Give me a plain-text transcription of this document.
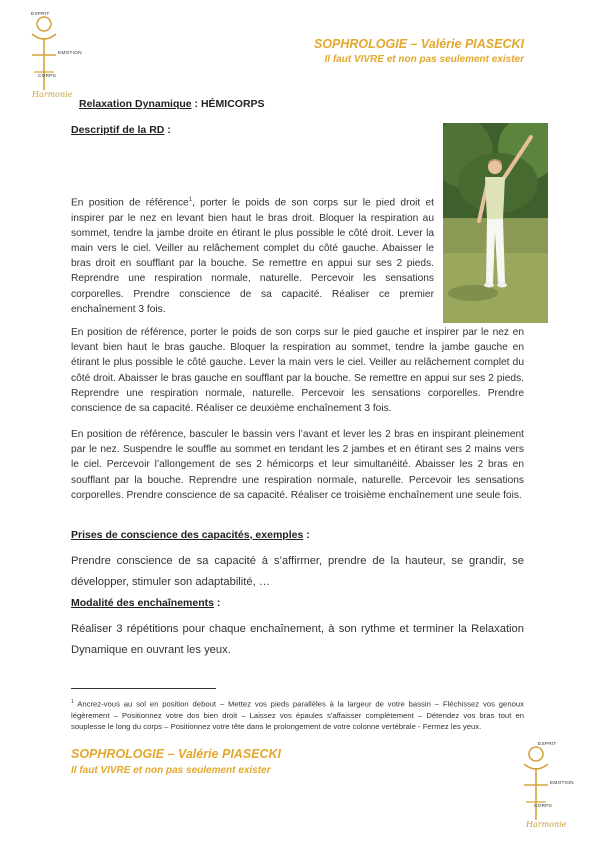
ESPRIT
EMOTION
CORPS
Harmonie
SOPHROLOGIE – Valérie PIASECKI
Il faut VIVRE et non pas seulement exister
Relaxation Dynamique : HÉMICORPS
Descriptif de la RD :
En position de référence$^1$, porter le poids de son corps sur le pied droit et inspirer par le nez en levant bien haut le bras droit. Bloquer la respiration au sommet, tendre la jambe droite en étirant le plus possible le côté droit. Lever la main vers le ciel. Veiller au relâchement complet du côté gauche. Abaisser le bras droit en soufflant par la bouche. Se remettre en appui sur ses 2 pieds. Reprendre une respiration normale, naturelle. Percevoir les sensations corporelles. Prendre conscience de sa capacité. Réaliser ce premier enchaînement 3 fois.
En position de référence, porter le poids de son corps sur le pied gauche et inspirer par le nez en levant bien haut le bras gauche. Bloquer la respiration au sommet, tendre la jambe gauche en étirant le plus possible le côté gauche. Lever la main vers le ciel. Veiller au relâchement complet du côté droit. Abaisser le bras gauche en soufflant par la bouche. Se remettre en appui sur ses 2 pieds. Reprendre une respiration normale, naturelle. Percevoir les sensations corporelles. Prendre conscience de sa capacité. Réaliser ce deuxième enchaînement 3 fois.
En position de référence, basculer le bassin vers l’avant et lever les 2 bras en inspirant pleinement par le nez. Suspendre le souffle au sommet en tendant les 2 jambes et en étirant ses 2 mains vers le ciel. Percevoir l’allongement de ses 2 hémicorps et leur simultanéité. Abaisser les 2 bras en soufflant par la bouche. Reprendre une respiration normale, naturelle. Percevoir les sensations corporelles. Prendre conscience de sa capacité. Réaliser ce troisième enchaînement une seule fois.
Prises de conscience des capacités, exemples :
Prendre conscience de sa capacité à s’affirmer, prendre de la hauteur, se grandir, se développer, stimuler son adaptabilité, …
Modalité des enchaînements :
Réaliser 3 répétitions pour chaque enchaînement, à son rythme et terminer la Relaxation Dynamique en ouvrant les yeux.
$^1$ Ancrez-vous au sol en position debout – Mettez vos pieds parallèles à la largeur de votre bassin – Fléchissez vos genoux légèrement – Positionnez votre dos bien droit – Laissez vos épaules s’affaisser complètement – Détendez vos bras tout en souplesse le long du corps – Positionnez votre tête dans le prolongement de votre colonne vertébrale - Fermez les yeux.
SOPHROLOGIE – Valérie PIASECKI
Il faut VIVRE et non pas seulement exister
ESPRIT
EMOTION
CORPS
Harmonie
